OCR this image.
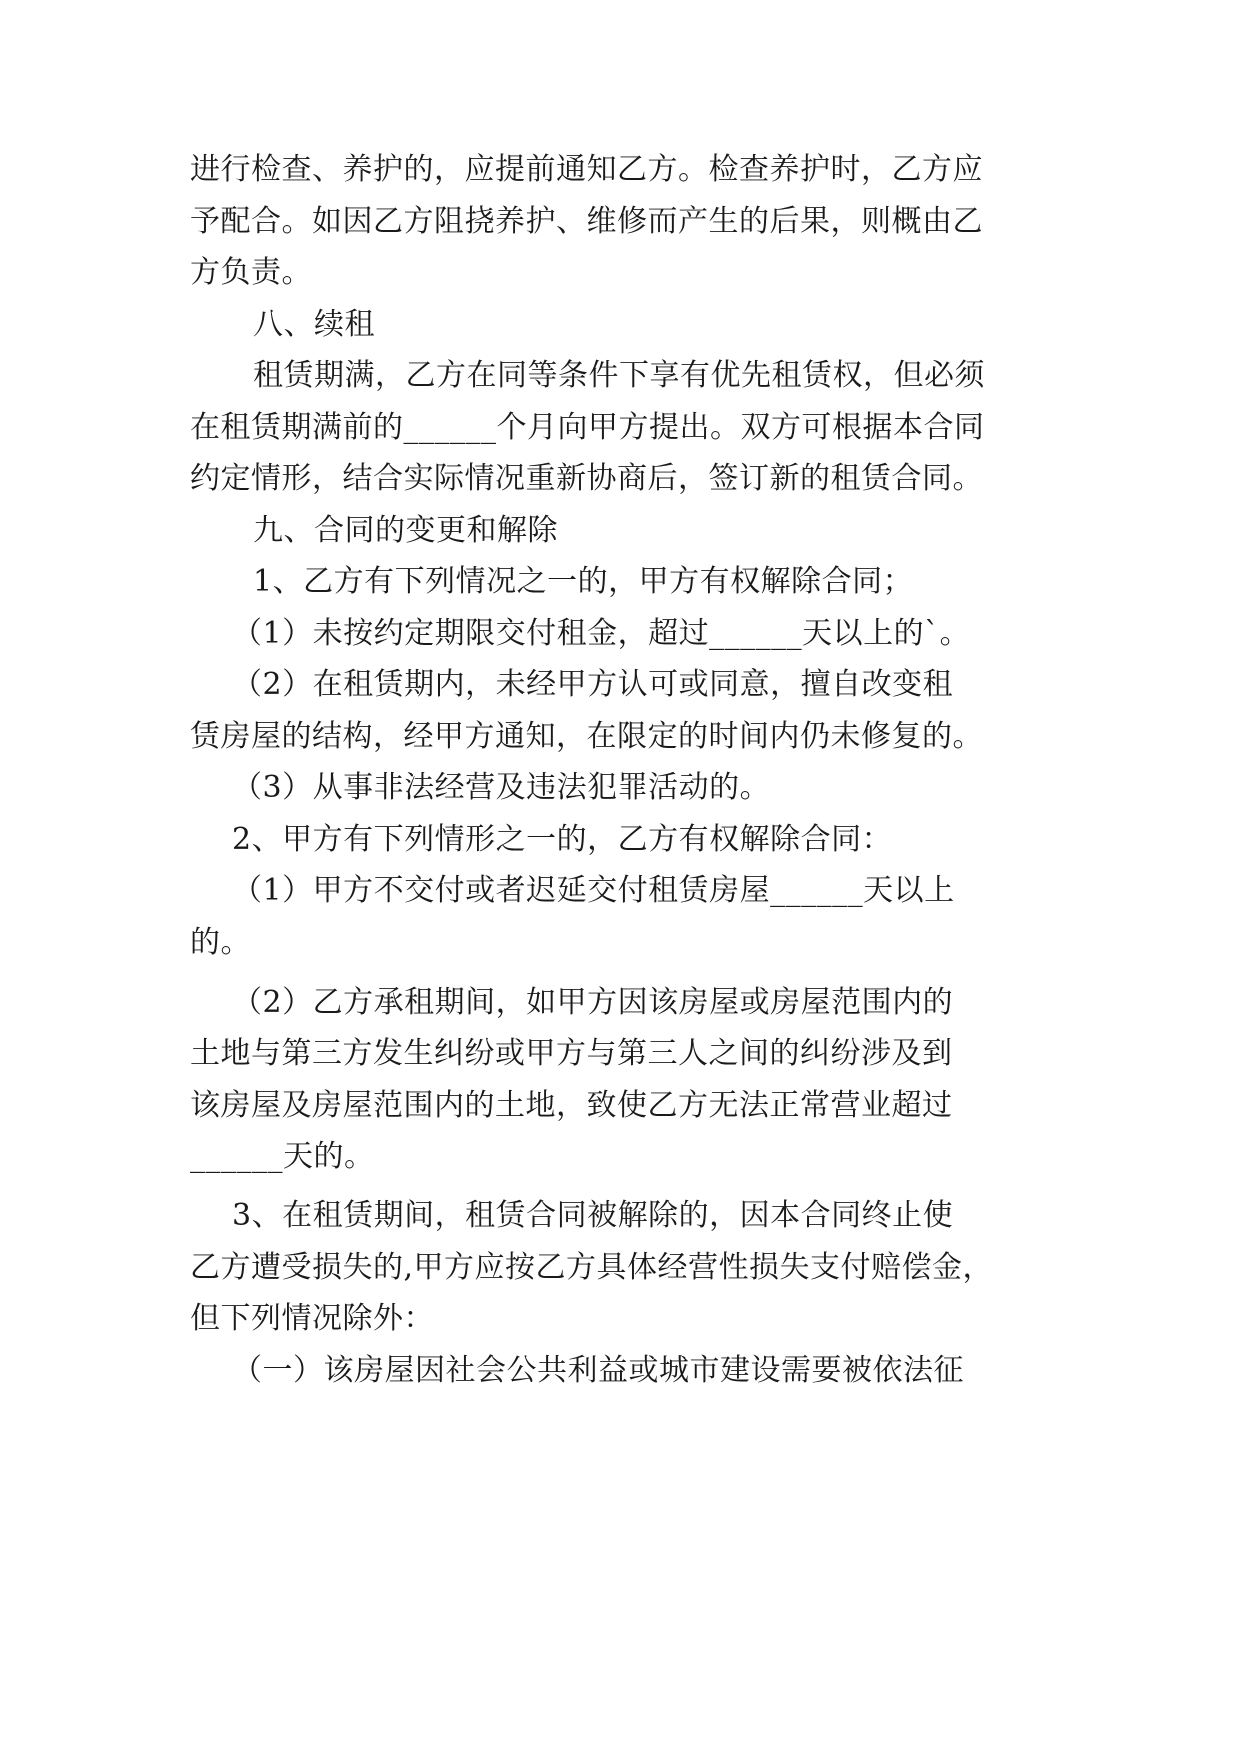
进行检查、养护的，应提前通知乙方。检查养护时，乙方应
予配合。如因乙方阻挠养护、维修而产生的后果，则概由乙
方负责。
八、续租
租赁期满，乙方在同等条件下享有优先租赁权，但必须
在租赁期满前的______个月向甲方提出。双方可根据本合同
约定情形，结合实际情况重新协商后，签订新的租赁合同。
九、合同的变更和解除
1、乙方有下列情况之一的，甲方有权解除合同；
（1）未按约定期限交付租金，超过______天以上的`。
（2）在租赁期内，未经甲方认可或同意，擅自改变租
赁房屋的结构，经甲方通知，在限定的时间内仍未修复的。
（3）从事非法经营及违法犯罪活动的。
2、甲方有下列情形之一的，乙方有权解除合同：
（1）甲方不交付或者迟延交付租赁房屋______天以上
的。
（2）乙方承租期间，如甲方因该房屋或房屋范围内的
土地与第三方发生纠纷或甲方与第三人之间的纠纷涉及到
该房屋及房屋范围内的土地，致使乙方无法正常营业超过
______天的。
3、在租赁期间，租赁合同被解除的，因本合同终止使
乙方遭受损失的,甲方应按乙方具体经营性损失支付赔偿金，
但下列情况除外：
（一）该房屋因社会公共利益或城市建设需要被依法征
